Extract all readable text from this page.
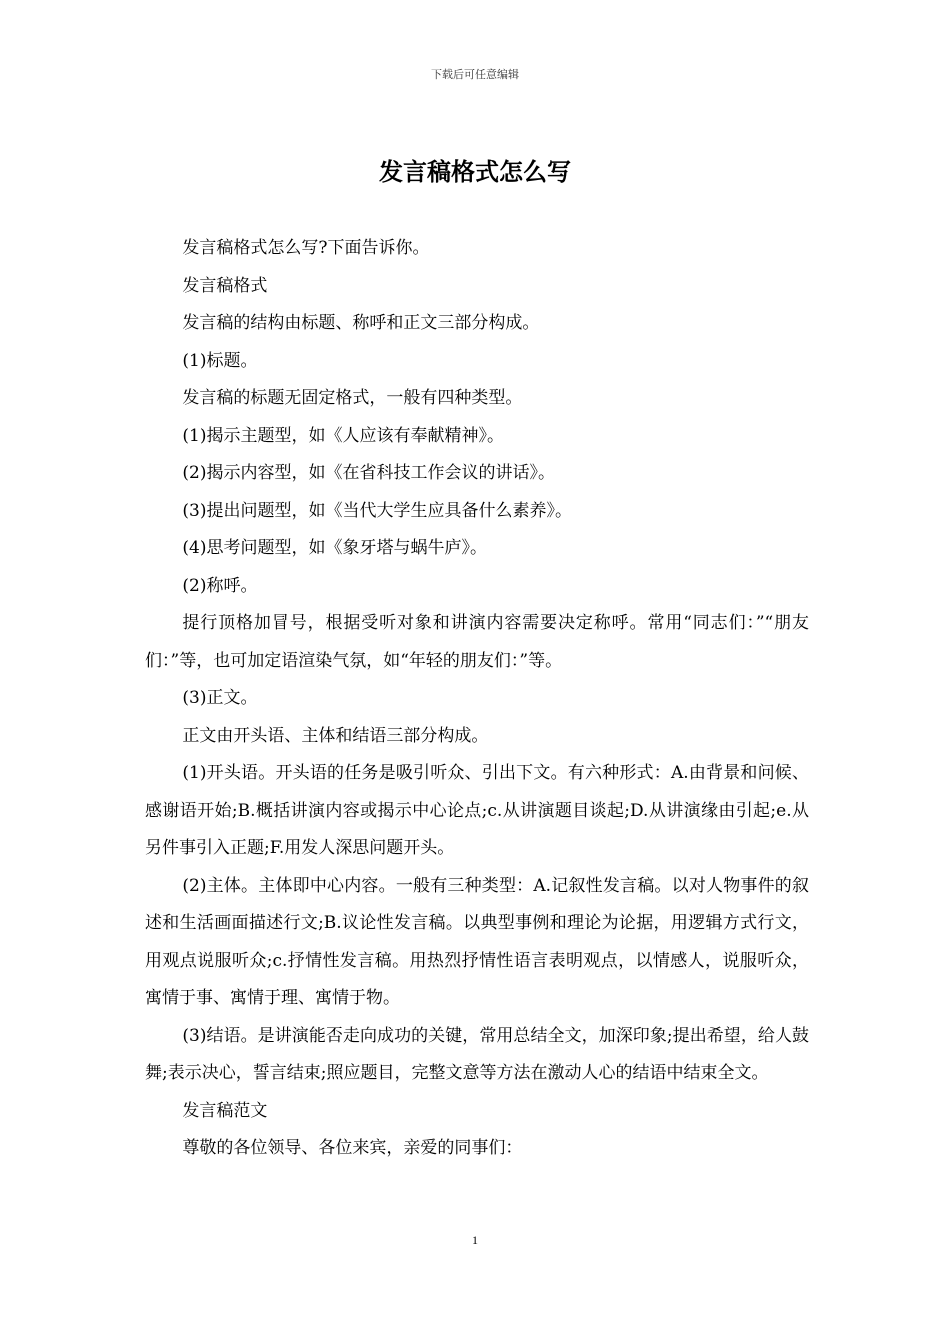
下载后可任意编辑
发言稿格式怎么写

发言稿格式怎么写?下面告诉你。

发言稿格式

发言稿的结构由标题、称呼和正文三部分构成。

(1)标题。

发言稿的标题无固定格式，一般有四种类型。

(1)揭示主题型，如《人应该有奉献精神》。

(2)揭示内容型，如《在省科技工作会议的讲话》。

(3)提出问题型，如《当代大学生应具备什么素养》。

(4)思考问题型，如《象牙塔与蜗牛庐》。

(2)称呼。

提行顶格加冒号，根据受听对象和讲演内容需要决定称呼。常用“同志们：”“朋友们：”等，也可加定语渲染气氛，如“年轻的朋友们：”等。

(3)正文。

正文由开头语、主体和结语三部分构成。

(1)开头语。开头语的任务是吸引听众、引出下文。有六种形式：A.由背景和问候、感谢语开始;B.概括讲演内容或揭示中心论点;c.从讲演题目谈起;D.从讲演缘由引起;e.从另件事引入正题;F.用发人深思问题开头。

(2)主体。主体即中心内容。一般有三种类型：A.记叙性发言稿。以对人物事件的叙述和生活画面描述行文;B.议论性发言稿。以典型事例和理论为论据，用逻辑方式行文，用观点说服听众;c.抒情性发言稿。用热烈抒情性语言表明观点，以情感人，说服听众，寓情于事、寓情于理、寓情于物。

(3)结语。是讲演能否走向成功的关键，常用总结全文，加深印象;提出希望，给人鼓舞;表示决心，誓言结束;照应题目，完整文意等方法在激动人心的结语中结束全文。

发言稿范文

尊敬的各位领导、各位来宾，亲爱的同事们：

1
